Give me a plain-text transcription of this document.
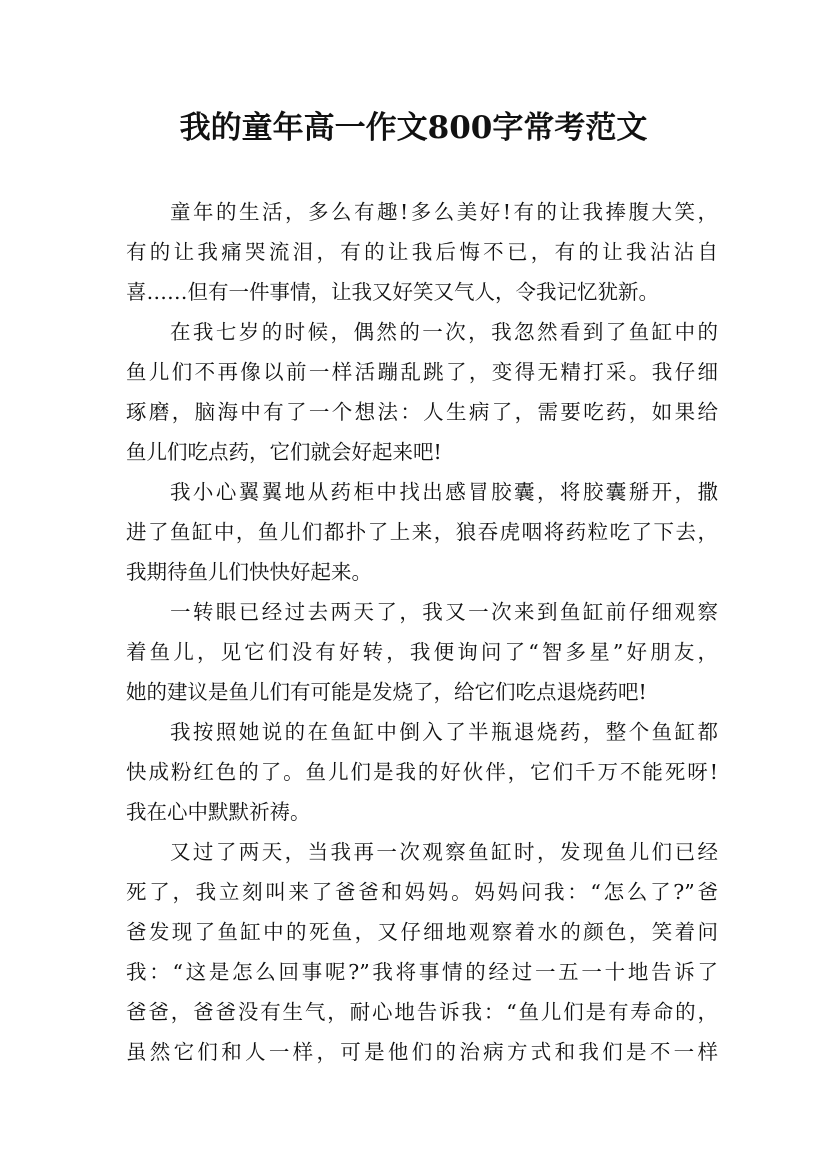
我的童年高一作文800字常考范文
童年的生活，多么有趣!多么美好!有的让我捧腹大笑，
有的让我痛哭流泪，有的让我后悔不已，有的让我沾沾自
喜……但有一件事情，让我又好笑又气人，令我记忆犹新。
在我七岁的时候，偶然的一次，我忽然看到了鱼缸中的
鱼儿们不再像以前一样活蹦乱跳了，变得无精打采。我仔细
琢磨，脑海中有了一个想法：人生病了，需要吃药，如果给
鱼儿们吃点药，它们就会好起来吧!
我小心翼翼地从药柜中找出感冒胶囊，将胶囊掰开，撒
进了鱼缸中，鱼儿们都扑了上来，狼吞虎咽将药粒吃了下去，
我期待鱼儿们快快好起来。
一转眼已经过去两天了，我又一次来到鱼缸前仔细观察
着鱼儿，见它们没有好转，我便询问了“智多星”好朋友，
她的建议是鱼儿们有可能是发烧了，给它们吃点退烧药吧!
我按照她说的在鱼缸中倒入了半瓶退烧药，整个鱼缸都
快成粉红色的了。鱼儿们是我的好伙伴，它们千万不能死呀!
我在心中默默祈祷。
又过了两天，当我再一次观察鱼缸时，发现鱼儿们已经
死了，我立刻叫来了爸爸和妈妈。妈妈问我：“怎么了?”爸
爸发现了鱼缸中的死鱼，又仔细地观察着水的颜色，笑着问
我：“这是怎么回事呢?”我将事情的经过一五一十地告诉了
爸爸，爸爸没有生气，耐心地告诉我：“鱼儿们是有寿命的，
虽然它们和人一样，可是他们的治病方式和我们是不一样
